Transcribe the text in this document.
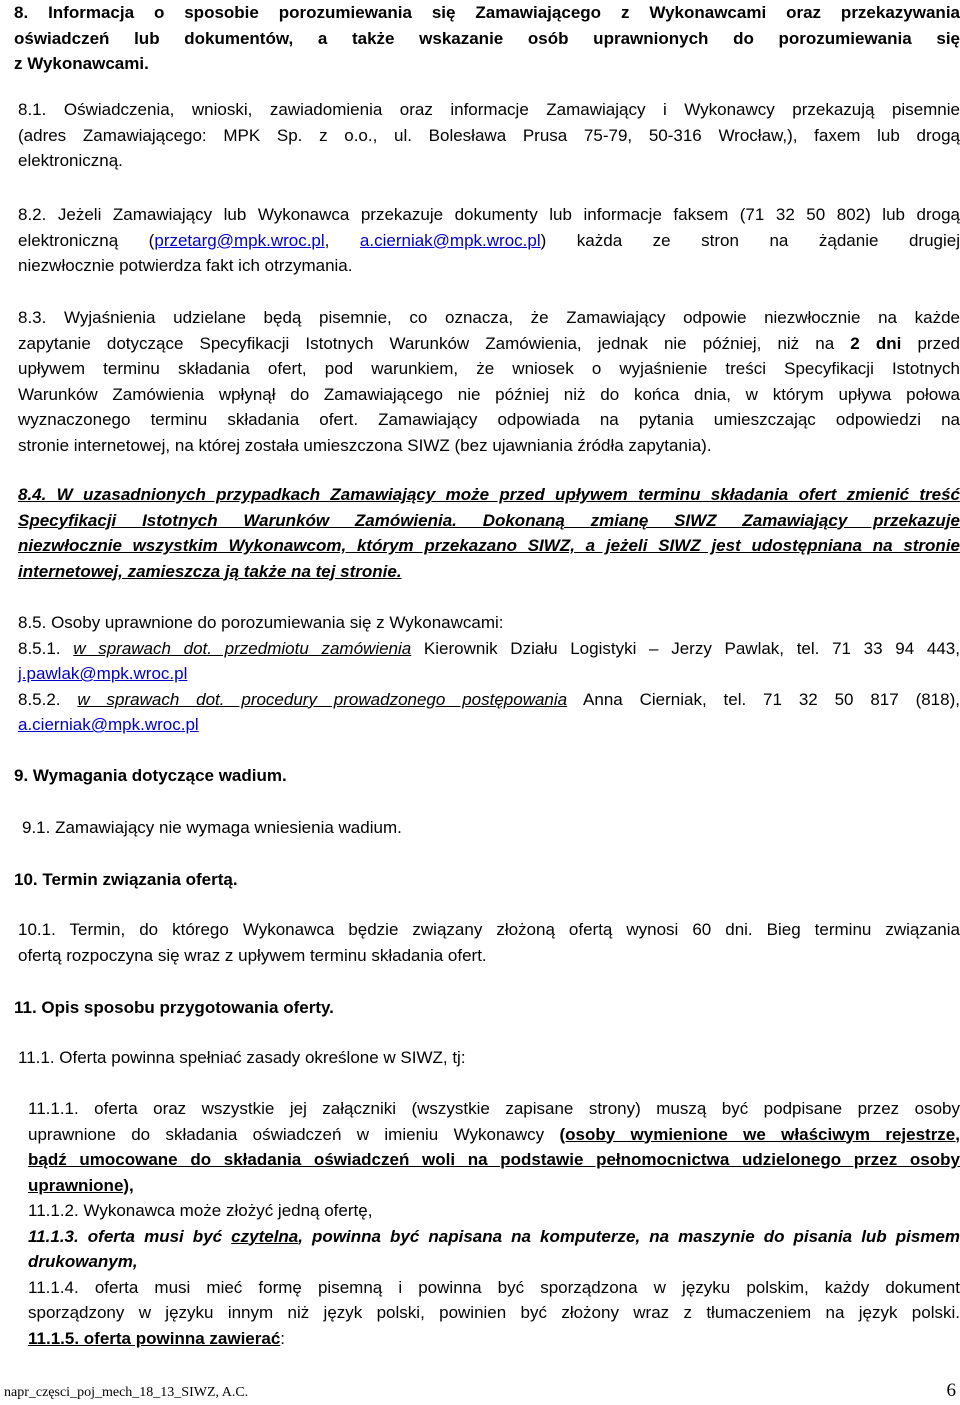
8. Informacja o sposobie porozumiewania się Zamawiającego z Wykonawcami oraz przekazywania
oświadczeń lub dokumentów, a także wskazanie osób uprawnionych do porozumiewania się
z Wykonawcami.
8.1. Oświadczenia, wnioski, zawiadomienia oraz informacje Zamawiający i Wykonawcy przekazują pisemnie
(adres Zamawiającego: MPK Sp. z o.o., ul. Bolesława Prusa 75-79, 50-316 Wrocław,), faxem lub drogą
elektroniczną.
8.2. Jeżeli Zamawiający lub Wykonawca przekazuje dokumenty lub informacje faksem (71 32 50 802) lub drogą
elektroniczną (przetarg@mpk.wroc.pl, a.cierniak@mpk.wroc.pl) każda ze stron na żądanie drugiej
niezwłocznie potwierdza fakt ich otrzymania.
8.3. Wyjaśnienia udzielane będą pisemnie, co oznacza, że Zamawiający odpowie niezwłocznie na każde
zapytanie dotyczące Specyfikacji Istotnych Warunków Zamówienia, jednak nie później, niż na 2 dni przed
upływem terminu składania ofert, pod warunkiem, że wniosek o wyjaśnienie treści Specyfikacji Istotnych
Warunków Zamówienia wpłynął do Zamawiającego nie później niż do końca dnia, w którym upływa połowa
wyznaczonego terminu składania ofert. Zamawiający odpowiada na pytania umieszczając odpowiedzi na
stronie internetowej, na której została umieszczona SIWZ (bez ujawniania źródła zapytania).
8.4. W uzasadnionych przypadkach Zamawiający może przed upływem terminu składania ofert zmienić treść
Specyfikacji Istotnych Warunków Zamówienia. Dokonaną zmianę SIWZ Zamawiający przekazuje
niezwłocznie wszystkim Wykonawcom, którym przekazano SIWZ, a jeżeli SIWZ jest udostępniana na stronie
internetowej, zamieszcza ją także na tej stronie.
8.5. Osoby uprawnione do porozumiewania się z Wykonawcami:
8.5.1. w sprawach dot. przedmiotu zamówienia Kierownik Działu Logistyki – Jerzy Pawlak, tel. 71 33 94 443,
j.pawlak@mpk.wroc.pl
8.5.2. w sprawach dot. procedury prowadzonego postępowania Anna Cierniak, tel. 71 32 50 817 (818),
a.cierniak@mpk.wroc.pl
9. Wymagania dotyczące wadium.
9.1. Zamawiający nie wymaga wniesienia wadium.
10. Termin związania ofertą.
10.1. Termin, do którego Wykonawca będzie związany złożoną ofertą wynosi 60 dni. Bieg terminu związania
ofertą rozpoczyna się wraz z upływem terminu składania ofert.
11. Opis sposobu przygotowania oferty.
11.1. Oferta powinna spełniać zasady określone w SIWZ, tj:
11.1.1. oferta oraz wszystkie jej załączniki (wszystkie zapisane strony) muszą być podpisane przez osoby
uprawnione do składania oświadczeń w imieniu Wykonawcy (osoby wymienione we właściwym rejestrze,
bądź umocowane do składania oświadczeń woli na podstawie pełnomocnictwa udzielonego przez osoby
uprawnione),
11.1.2. Wykonawca może złożyć jedną ofertę,
11.1.3. oferta musi być czytelna, powinna być napisana na komputerze, na maszynie do pisania lub pismem
drukowanym,
11.1.4. oferta musi mieć formę pisemną i powinna być sporządzona w języku polskim, każdy dokument
sporządzony w języku innym niż język polski, powinien być złożony wraz z tłumaczeniem na język polski.
11.1.5. oferta powinna zawierać:
napr_częsci_poj_mech_18_13_SIWZ, A.C.	6
